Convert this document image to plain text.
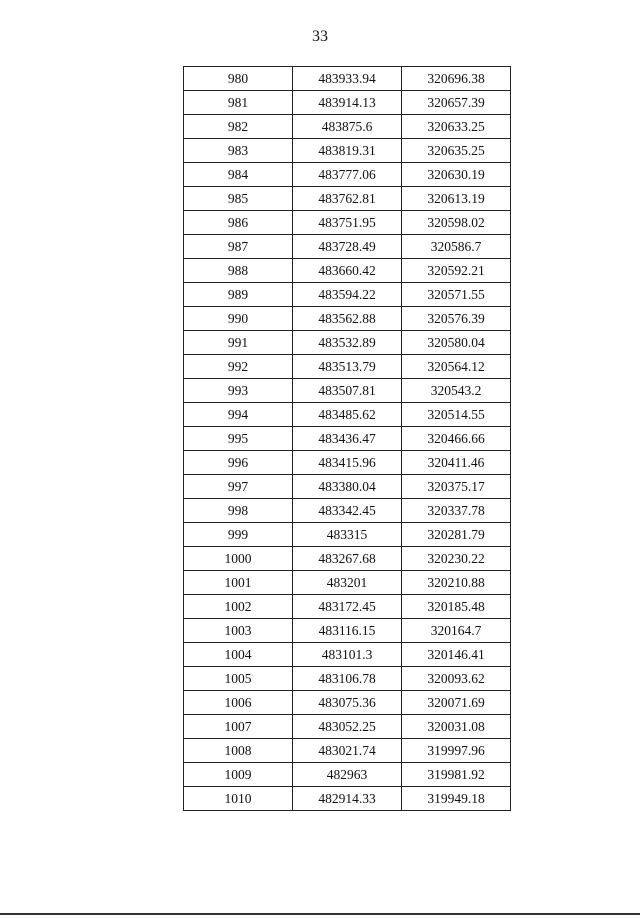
33
980	483933.94	320696.38
981	483914.13	320657.39
982	483875.6	320633.25
983	483819.31	320635.25
984	483777.06	320630.19
985	483762.81	320613.19
986	483751.95	320598.02
987	483728.49	320586.7
988	483660.42	320592.21
989	483594.22	320571.55
990	483562.88	320576.39
991	483532.89	320580.04
992	483513.79	320564.12
993	483507.81	320543.2
994	483485.62	320514.55
995	483436.47	320466.66
996	483415.96	320411.46
997	483380.04	320375.17
998	483342.45	320337.78
999	483315	320281.79
1000	483267.68	320230.22
1001	483201	320210.88
1002	483172.45	320185.48
1003	483116.15	320164.7
1004	483101.3	320146.41
1005	483106.78	320093.62
1006	483075.36	320071.69
1007	483052.25	320031.08
1008	483021.74	319997.96
1009	482963	319981.92
1010	482914.33	319949.18
